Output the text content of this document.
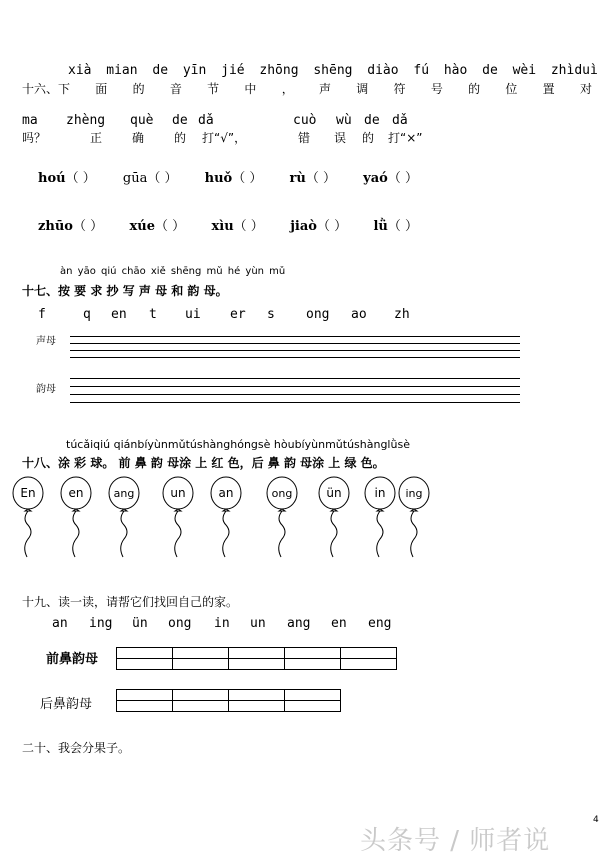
xià mian de yīn jié zhōng shēng diào fú hào de wèi zhìduì
十六、下 面 的 音 节 中 ， 声 调 符 号 的 位 置 对
ma zhèng què de dǎ	cuò wù de dǎ
吗？	正 确 的 打“√”，	错 误 的 打“×”
hoú（ ） gūa（ ） huǒ（ ） rù（ ） yaó（ ）
zhūo（ ） xúe（ ） xìu（ ） jiaò（ ） lǜ（ ）
àn yāo qiú chāo xiě shēng mǔ hé yùn mǔ
十七、按 要 求 抄 写 声 母 和 韵 母。
f	q en t ui er s ong ao zh
声母
韵母
túcǎiqiú qiánbíyùnmǔtúshànghóngsè hòubíyùnmǔtúshànglǜsè
十八、涂 彩 球。 前 鼻 韵 母涂 上 红 色，后 鼻 韵 母涂 上 绿 色。
En	en	ang	un	an	ong	ün	in ing
十九、读一读，请帮它们找回自己的家。
an ing ün ong in un ang en eng
前鼻韵母

后鼻韵母

二十、我会分果子。
4
头条号 / 师者说
